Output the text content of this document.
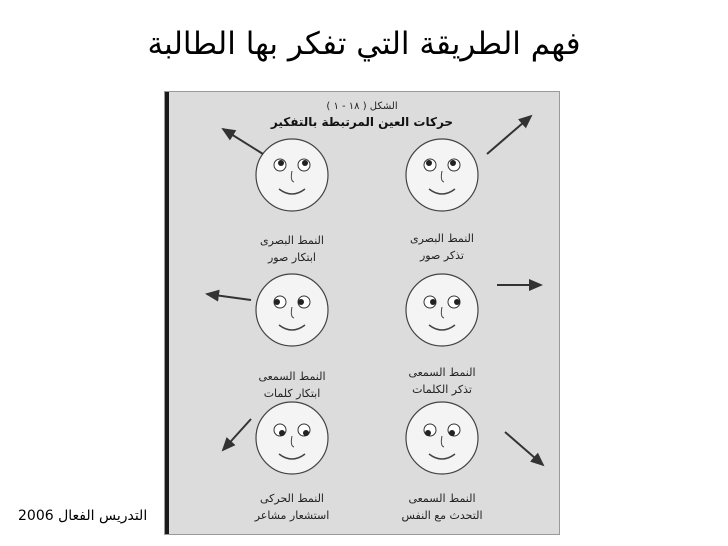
فهم الطريقة التي تفكر بها الطالبة
الشكل ( ١٨ - ١ )
حركات العين المرتبطة بالتفكير
النمط البصرى
ابتكار صور
النمط البصرى
تذكر صور
النمط السمعى
ابتكار كلمات
النمط السمعى
تذكر الكلمات
النمط الحركى
استشعار مشاعر
النمط السمعى
التحدث مع النفس
التدريس الفعال 2006
